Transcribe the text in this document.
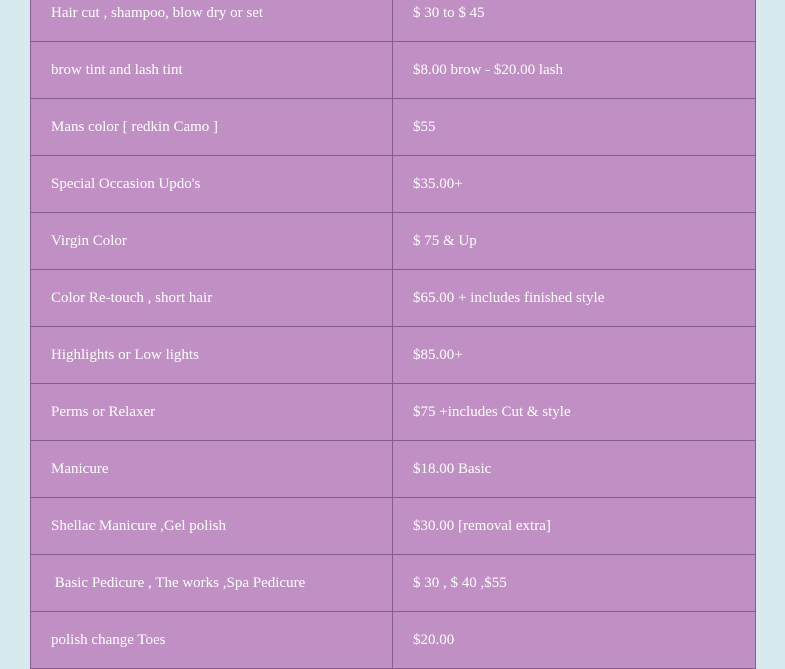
Hair cut , shampoo, blow dry or set	$ 30 to $ 45
brow tint and lash tint	$8.00 brow - $20.00 lash
Mans color [ redkin Camo ]	$55
Special Occasion Updo's	$35.00+
Virgin Color	$ 75 & Up
Color Re-touch , short hair	$65.00 + includes finished style
Highlights or Low lights	$85.00+
Perms or Relaxer	$75 +includes Cut & style
Manicure	$18.00 Basic
Shellac Manicure ,Gel polish	$30.00 [removal extra]
Basic Pedicure , The works ,Spa Pedicure	$ 30 , $ 40 ,$55
polish change Toes	$20.00
